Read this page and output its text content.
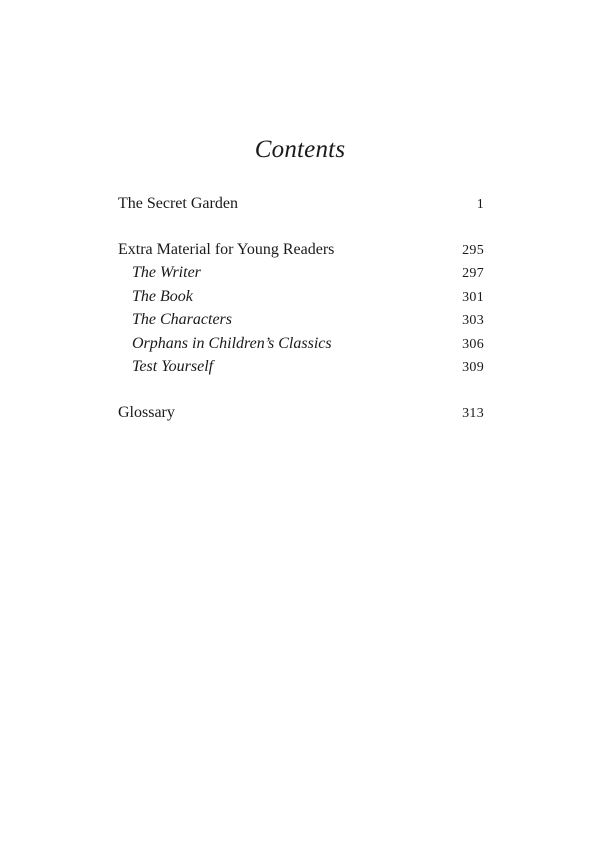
Contents
The Secret Garden	1
Extra Material for Young Readers	295
The Writer	297
The Book	301
The Characters	303
Orphans in Children’s Classics	306
Test Yourself	309
Glossary	313
